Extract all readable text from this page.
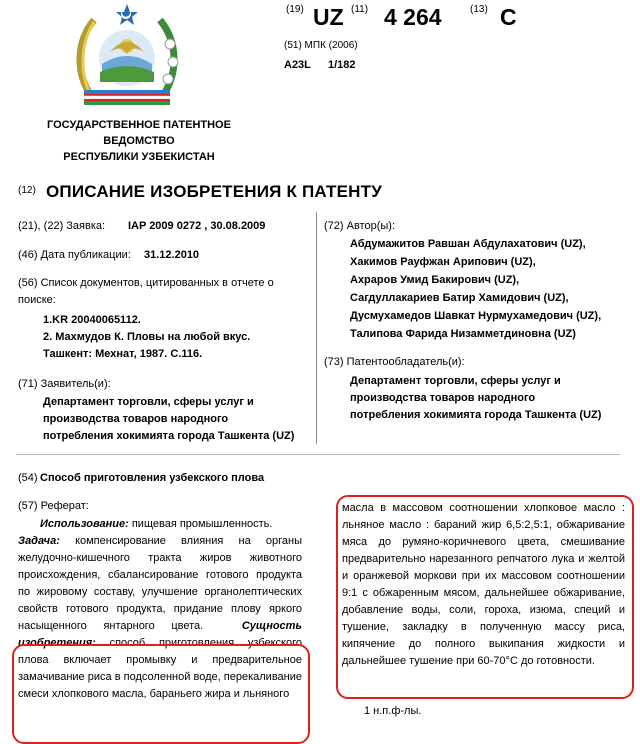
(19) UZ (11) 4 264	(13) C
(51) МПК (2006)
A23L 1/182
ГОСУДАРСТВЕННОЕ ПАТЕНТНОЕ
ВЕДОМСТВО
РЕСПУБЛИКИ УЗБЕКИСТАН
(12) ОПИСАНИЕ ИЗОБРЕТЕНИЯ К ПАТЕНТУ
(21), (22) Заявка: IAP 2009 0272 , 30.08.2009
(46) Дата публикации: 31.12.2010
(56) Список документов, цитированных в отчете о
поиске:
1.KR 20040065112.
2. Махмудов К. Пловы на любой вкус.
Ташкент: Мехнат, 1987. С.116.
(71) Заявитель(и):
Департамент торговли, сферы услуг и
производства товаров народного
потребления хокимията города Ташкента (UZ)
(72) Автор(ы):
Абдумажитов Равшан Абдулахатович (UZ),
Хакимов Рауфжан Арипович (UZ),
Ахраров Умид Бакирович (UZ),
Сагдуллакариев Батир Хамидович (UZ),
Дусмухамедов Шавкат Нурмухамедович (UZ),
Талипова Фарида Низамметдиновна (UZ)
(73) Патентообладатель(и):
Департамент торговли, сферы услуг и
производства товаров народного
потребления хокимията города Ташкента (UZ)
(54) Способ приготовления узбекского плова
(57) Реферат:
Использование: пищевая промышленность.
Задача: компенсирование влияния на органы желудочно-кишечного тракта жиров животного происхождения, сбалансирование готового продукта по жировому составу, улучшение органолептических свойств готового продукта, придание плову яркого насыщенного янтарного цвета.	Сущность изобретения: способ приготовления узбекского плова включает промывку и предварительное замачивание риса в подсоленной воде, перекаливание смеси хлопкового масла, бараньего жира и льняного
масла в массовом соотношении хлопковое масло : льняное масло : бараний жир 6,5:2,5:1, обжаривание мяса до румяно-коричневого цвета, смешивание предварительно нарезанного репчатого лука и желтой и оранжевой моркови при их массовом соотношении 9:1 с обжаренным мясом, дальнейшее обжаривание, добавление воды, соли, гороха, изюма, специй и тушение, закладку в полученную массу риса, кипячение до полного выкипания жидкости и дальнейшее тушение при 60-70°С до готовности.
1 н.п.ф-лы.
